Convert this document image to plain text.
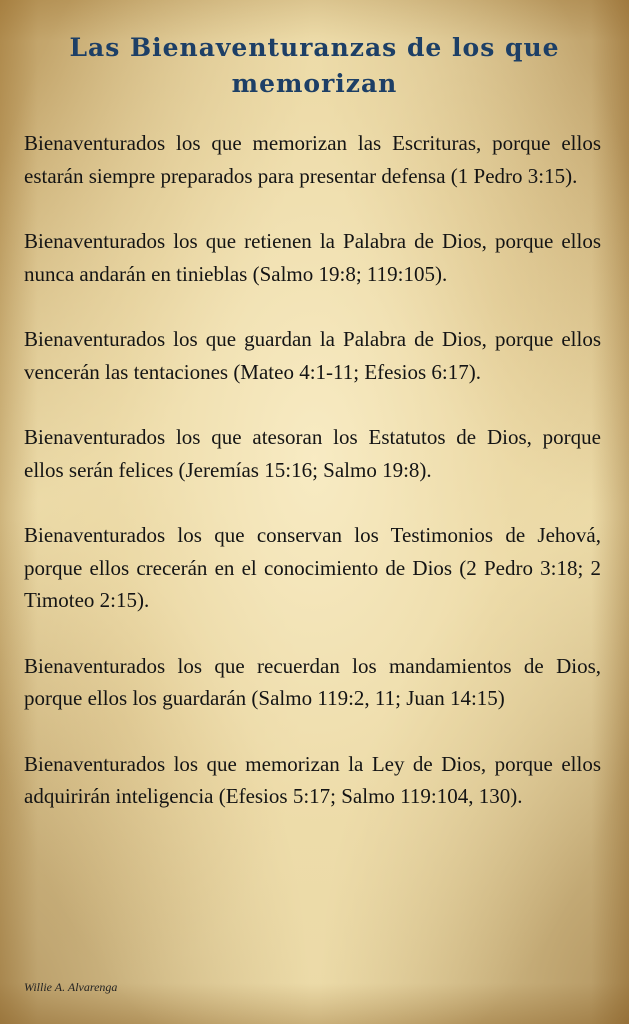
Las Bienaventuranzas de los que memorizan

Bienaventurados los que memorizan las Escrituras, porque ellos estarán siempre preparados para presentar defensa (1 Pedro 3:15).

Bienaventurados los que retienen la Palabra de Dios, porque ellos nunca andarán en tinieblas (Salmo 19:8; 119:105).

Bienaventurados los que guardan la Palabra de Dios, porque ellos vencerán las tentaciones (Mateo 4:1-11; Efesios 6:17).

Bienaventurados los que atesoran los Estatutos de Dios, porque ellos serán felices (Jeremías 15:16; Salmo 19:8).

Bienaventurados los que conservan los Testimonios de Jehová, porque ellos crecerán en el conocimiento de Dios (2 Pedro 3:18; 2 Timoteo 2:15).

Bienaventurados los que recuerdan los mandamientos de Dios, porque ellos los guardarán (Salmo 119:2, 11; Juan 14:15)

Bienaventurados los que memorizan la Ley de Dios, porque ellos adquirirán inteligencia (Efesios 5:17; Salmo 119:104, 130).

Willie A. Alvarenga
